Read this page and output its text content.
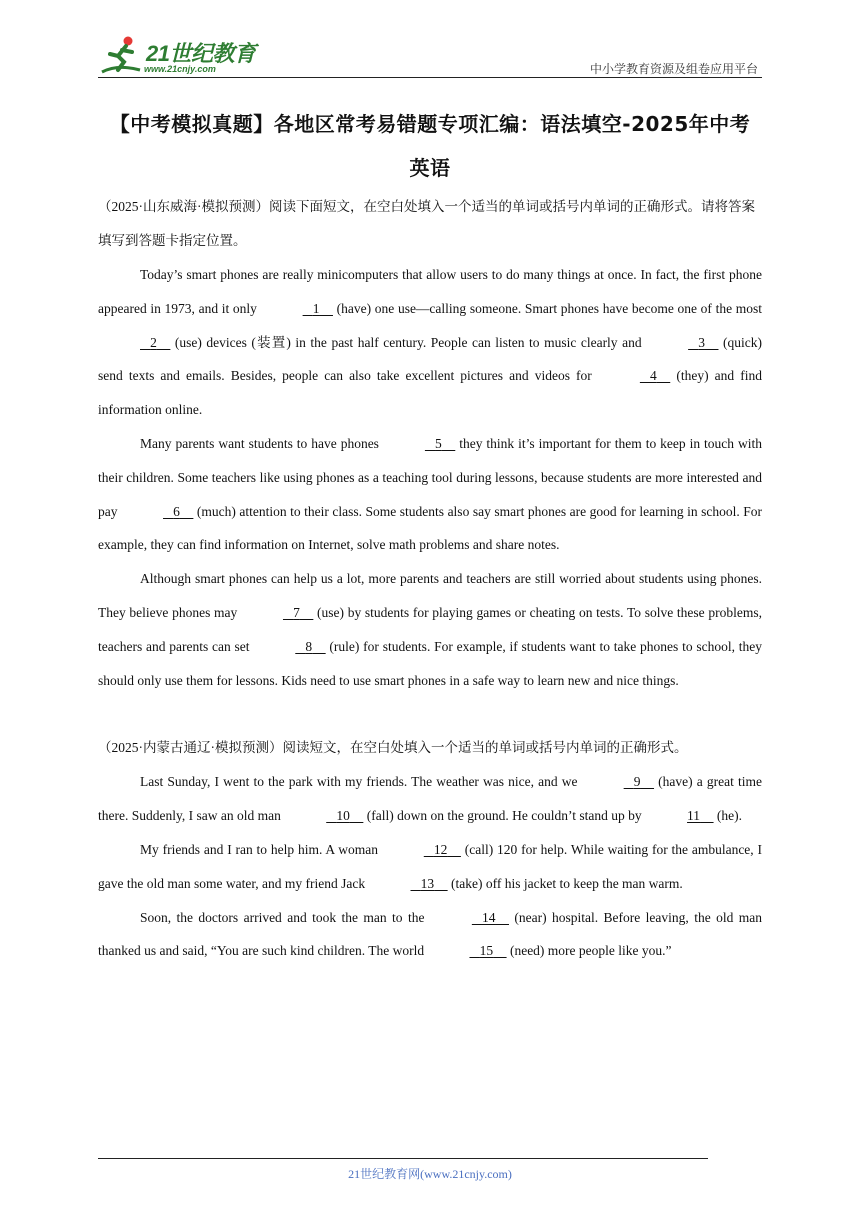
21世纪教育
www.21cnjy.com	中小学教育资源及组卷应用平台
【中考模拟真题】各地区常考易错题专项汇编：语法填空-2025年中考
英语

（2025·山东威海·模拟预测）阅读下面短文，在空白处填入一个适当的单词或括号内单词的正确形式。请将答案填写到答题卡指定位置。

Today’s smart phones are really minicomputers that allow users to do many things at once. In fact, the first phone appeared in 1973, and it only	1     (have) one use—calling someone. Smart phones have become one of the most    2     (use) devices (装置) in the past half century. People can listen to music clearly and	3     (quick) send texts and emails. Besides, people can also take excellent pictures and videos for	4     (they) and find information online.

Many parents want students to have phones	5     they think it’s important for them to keep in touch with their children. Some teachers like using phones as a teaching tool during lessons, because students are more interested and pay	6     (much) attention to their class. Some students also say smart phones are good for learning in school. For example, they can find information on Internet, solve math problems and share notes.

Although smart phones can help us a lot, more parents and teachers are still worried about students using phones. They believe phones may	7     (use) by students for playing games or cheating on tests. To solve these problems, teachers and parents can set	8     (rule) for students. For example, if students want to take phones to school, they should only use them for lessons. Kids need to use smart phones in a safe way to learn new and nice things.

（2025·内蒙古通辽·模拟预测）阅读短文，在空白处填入一个适当的单词或括号内单词的正确形式。

Last Sunday, I went to the park with my friends. The weather was nice, and we	9     (have) a great time there. Suddenly, I saw an old man	10     (fall) down on the ground. He couldn’t stand up by	11     (he).

My friends and I ran to help him. A woman	12     (call) 120 for help. While waiting for the ambulance, I gave the old man some water, and my friend Jack	13     (take) off his jacket to keep the man warm.

Soon, the doctors arrived and took the man to the	14     (near) hospital. Before leaving, the old man thanked us and said, “You are such kind children. The world	15     (need) more people like you.”

21世纪教育网(www.21cnjy.com)
